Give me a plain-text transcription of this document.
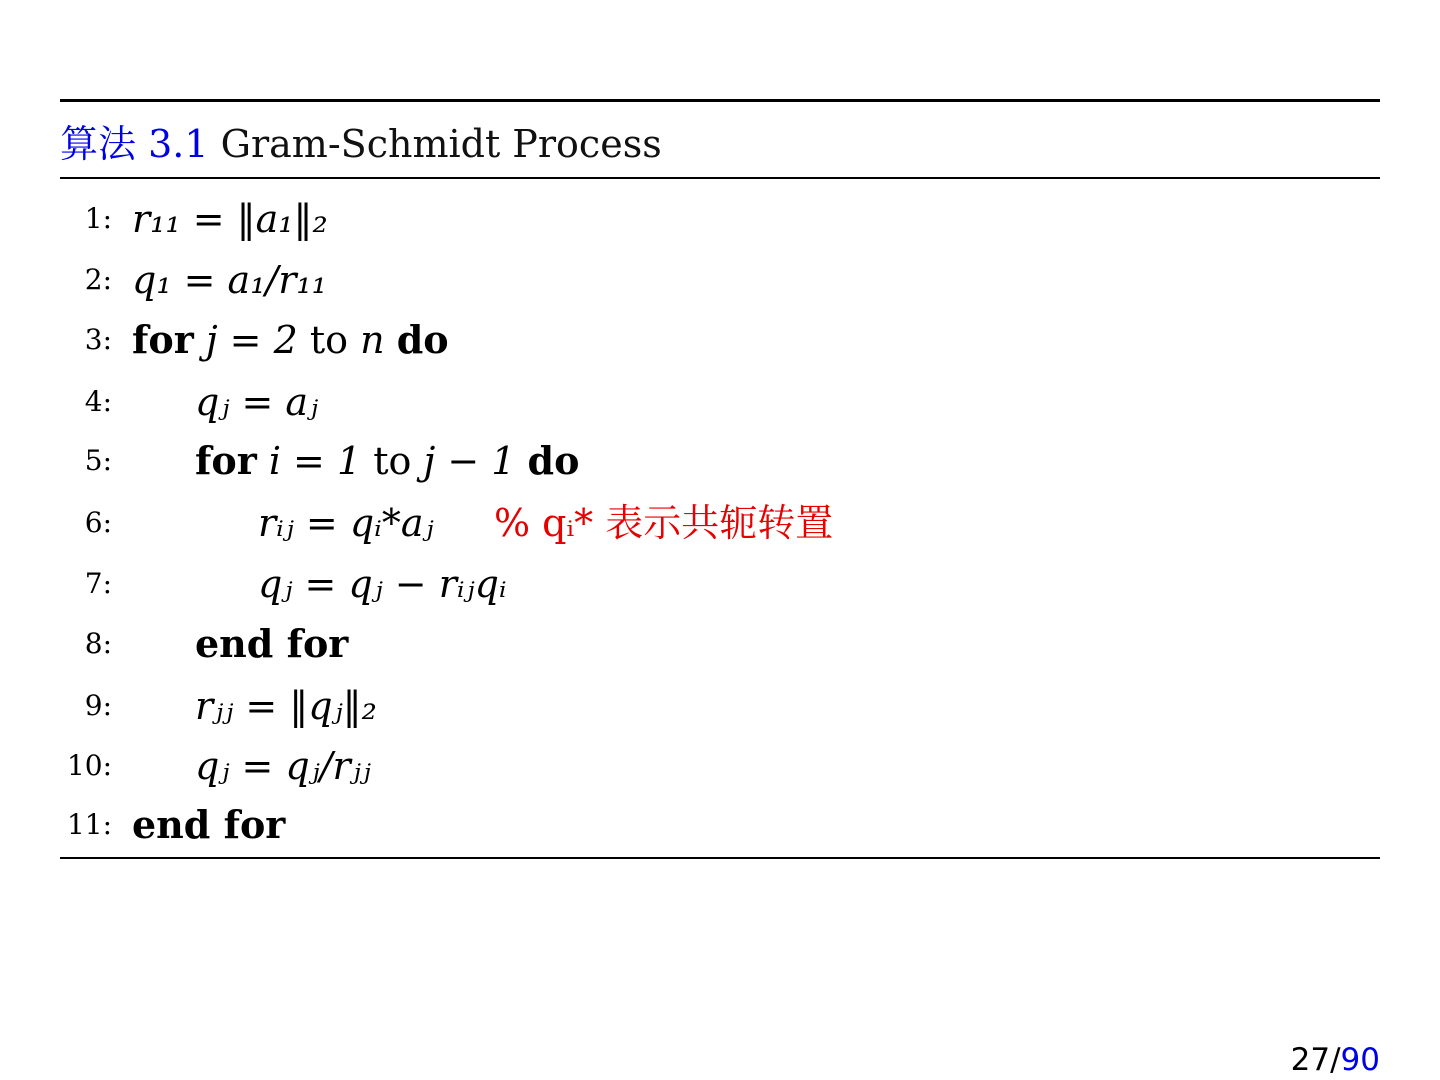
算法 3.1 Gram-Schmidt Process
1: r₁₁ = ‖a₁‖₂
2: q₁ = a₁/r₁₁
3: for j = 2 to n do
4: qⱼ = aⱼ
5: for i = 1 to j − 1 do
6:	rᵢⱼ = qᵢ*aⱼ % qᵢ* 表示共轭转置
7:	qⱼ = qⱼ − rᵢⱼqᵢ
8: end for
9: rⱼⱼ = ‖qⱼ‖₂
10: qⱼ = qⱼ/rⱼⱼ
11: end for
27/90
